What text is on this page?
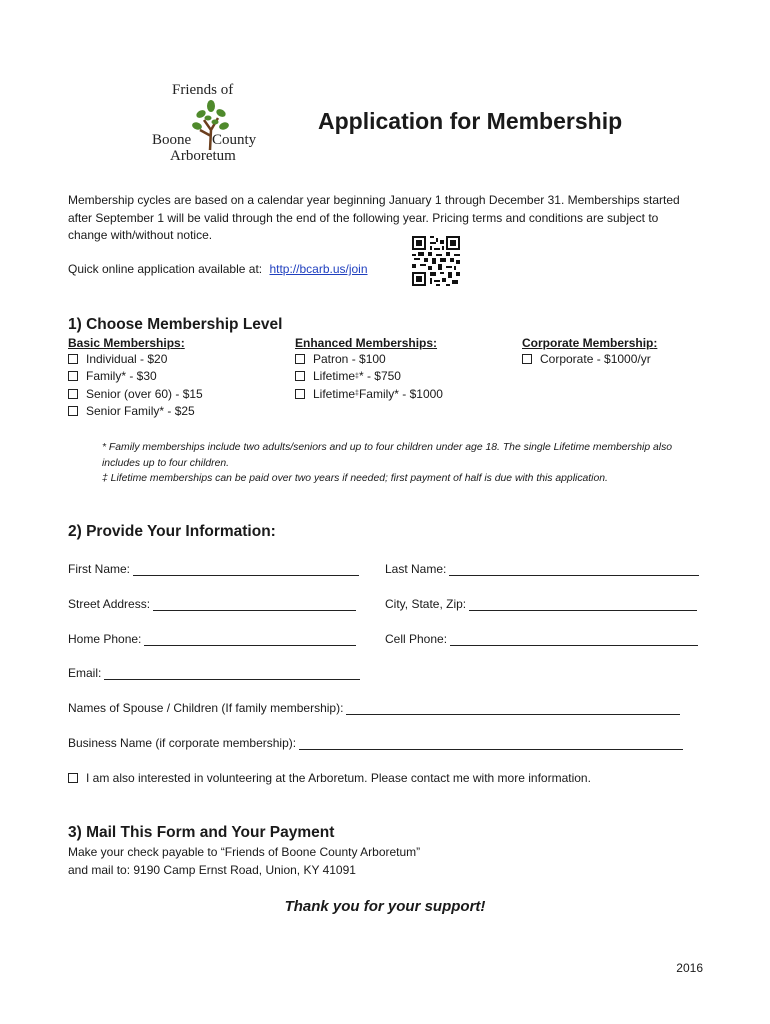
Friends of
Boone County
Arboretum
Application for Membership
Membership cycles are based on a calendar year beginning January 1 through December 31. Memberships started after September 1 will be valid through the end of the following year. Pricing terms and conditions are subject to change with/without notice.
Quick online application available at: http://bcarb.us/join
1) Choose Membership Level
Basic Memberships:
Individual - $20
Family* - $30
Senior (over 60) - $15
Senior Family* - $25
Enhanced Memberships:
Patron - $100
Lifetime ‡ * - $750
Lifetime ‡ Family* - $1000
Corporate Membership:
Corporate - $1000/yr
* Family memberships include two adults/seniors and up to four children under age 18. The single Lifetime membership also includes up to four children.
‡ Lifetime memberships can be paid over two years if needed; first payment of half is due with this application.
2) Provide Your Information:
First Name:	Last Name:
Street Address:	City, State, Zip:
Home Phone:	Cell Phone:
Email:
Names of Spouse / Children (If family membership):
Business Name (if corporate membership):
I am also interested in volunteering at the Arboretum. Please contact me with more information.
3) Mail This Form and Your Payment
Make your check payable to “Friends of Boone County Arboretum”
and mail to: 9190 Camp Ernst Road, Union, KY 41091
Thank you for your support!
2016
